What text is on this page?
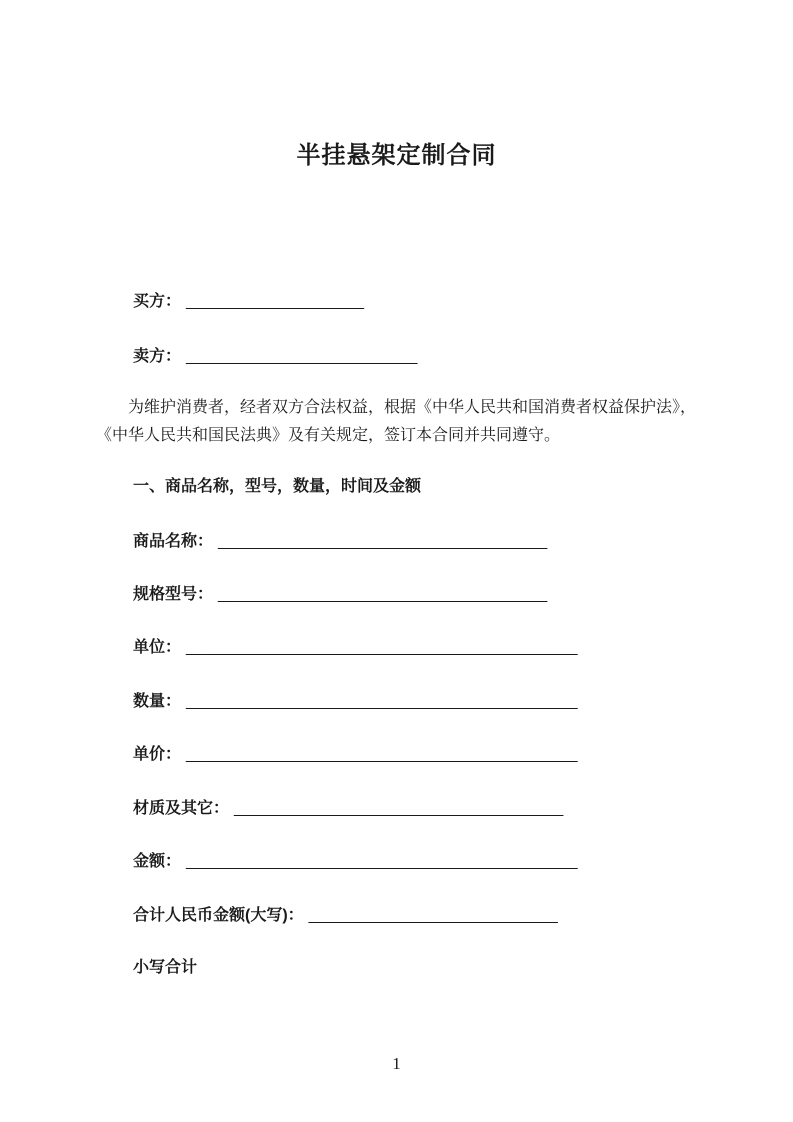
半挂悬架定制合同
买方： ____________________
卖方： __________________________
为维护消费者，经者双方合法权益，根据《中华人民共和国消费者权益保护法》，
《中华人民共和国民法典》及有关规定，签订本合同并共同遵守。
一、商品名称，型号，数量，时间及金额
商品名称： _____________________________________
规格型号： _____________________________________
单位： ____________________________________________
数量： ____________________________________________
单价： ____________________________________________
材质及其它： _____________________________________
金额： ____________________________________________
合计人民币金额(大写)： ____________________________
小写合计
1
